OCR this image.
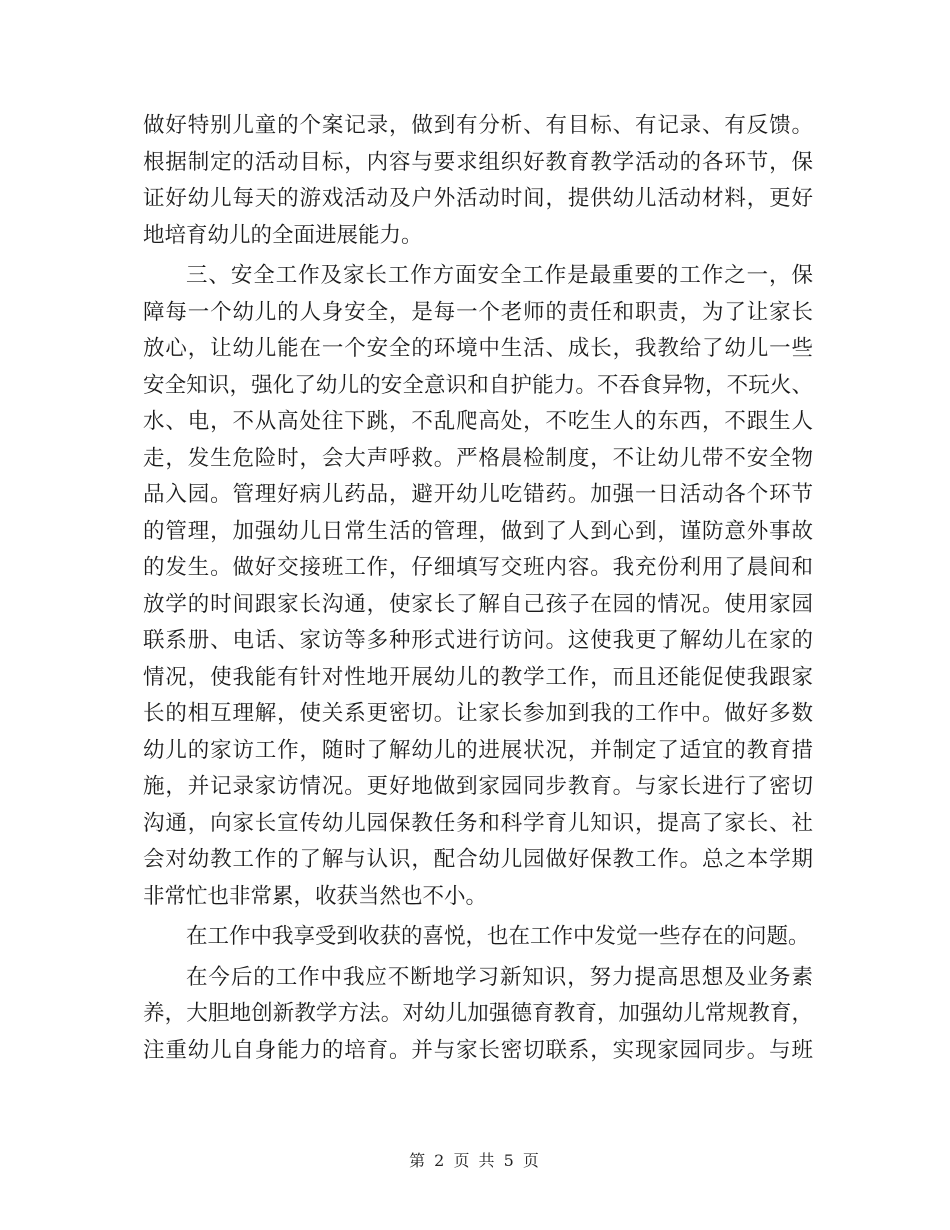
做好特别儿童的个案记录，做到有分析、有目标、有记录、有反馈。
根据制定的活动目标，内容与要求组织好教育教学活动的各环节，保
证好幼儿每天的游戏活动及户外活动时间，提供幼儿活动材料，更好
地培育幼儿的全面进展能力。
三、安全工作及家长工作方面安全工作是最重要的工作之一，保
障每一个幼儿的人身安全，是每一个老师的责任和职责，为了让家长
放心，让幼儿能在一个安全的环境中生活、成长，我教给了幼儿一些
安全知识，强化了幼儿的安全意识和自护能力。不吞食异物，不玩火、
水、电，不从高处往下跳，不乱爬高处，不吃生人的东西，不跟生人
走，发生危险时，会大声呼救。严格晨检制度，不让幼儿带不安全物
品入园。管理好病儿药品，避开幼儿吃错药。加强一日活动各个环节
的管理，加强幼儿日常生活的管理，做到了人到心到，谨防意外事故
的发生。做好交接班工作，仔细填写交班内容。我充份利用了晨间和
放学的时间跟家长沟通，使家长了解自己孩子在园的情况。使用家园
联系册、电话、家访等多种形式进行访问。这使我更了解幼儿在家的
情况，使我能有针对性地开展幼儿的教学工作，而且还能促使我跟家
长的相互理解，使关系更密切。让家长参加到我的工作中。做好多数
幼儿的家访工作，随时了解幼儿的进展状况，并制定了适宜的教育措
施，并记录家访情况。更好地做到家园同步教育。与家长进行了密切
沟通，向家长宣传幼儿园保教任务和科学育儿知识，提高了家长、社
会对幼教工作的了解与认识，配合幼儿园做好保教工作。总之本学期
非常忙也非常累，收获当然也不小。
在工作中我享受到收获的喜悦，也在工作中发觉一些存在的问题。
在今后的工作中我应不断地学习新知识，努力提高思想及业务素
养，大胆地创新教学方法。对幼儿加强德育教育，加强幼儿常规教育，
注重幼儿自身能力的培育。并与家长密切联系，实现家园同步。与班
第 2 页 共 5 页
